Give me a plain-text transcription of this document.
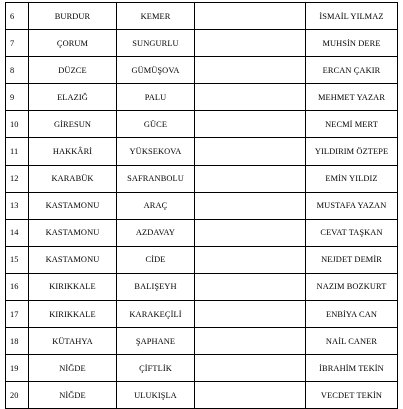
6	BURDUR	KEMER		İSMAİL YILMAZ
7	ÇORUM	SUNGURLU		MUHSİN DERE
8	DÜZCE	GÜMÜŞOVA		ERCAN ÇAKIR
9	ELAZIĞ	PALU		MEHMET YAZAR
10	GİRESUN	GÜCE		NECMİ MERT
11	HAKKÂRİ	YÜKSEKOVA		YILDIRIM ÖZTEPE
12	KARABÜK	SAFRANBOLU		EMİN YILDIZ
13	KASTAMONU	ARAÇ		MUSTAFA YAZAN
14	KASTAMONU	AZDAVAY		CEVAT TAŞKAN
15	KASTAMONU	CİDE		NEJDET DEMİR
16	KIRIKKALE	BALIŞEYH		NAZIM BOZKURT
17	KIRIKKALE	KARAKEÇİLİ		ENBİYA CAN
18	KÜTAHYA	ŞAPHANE		NAİL CANER
19	NİĞDE	ÇİFTLİK		İBRAHİM TEKİN
20	NİĞDE	ULUKIŞLA		VECDET TEKİN
